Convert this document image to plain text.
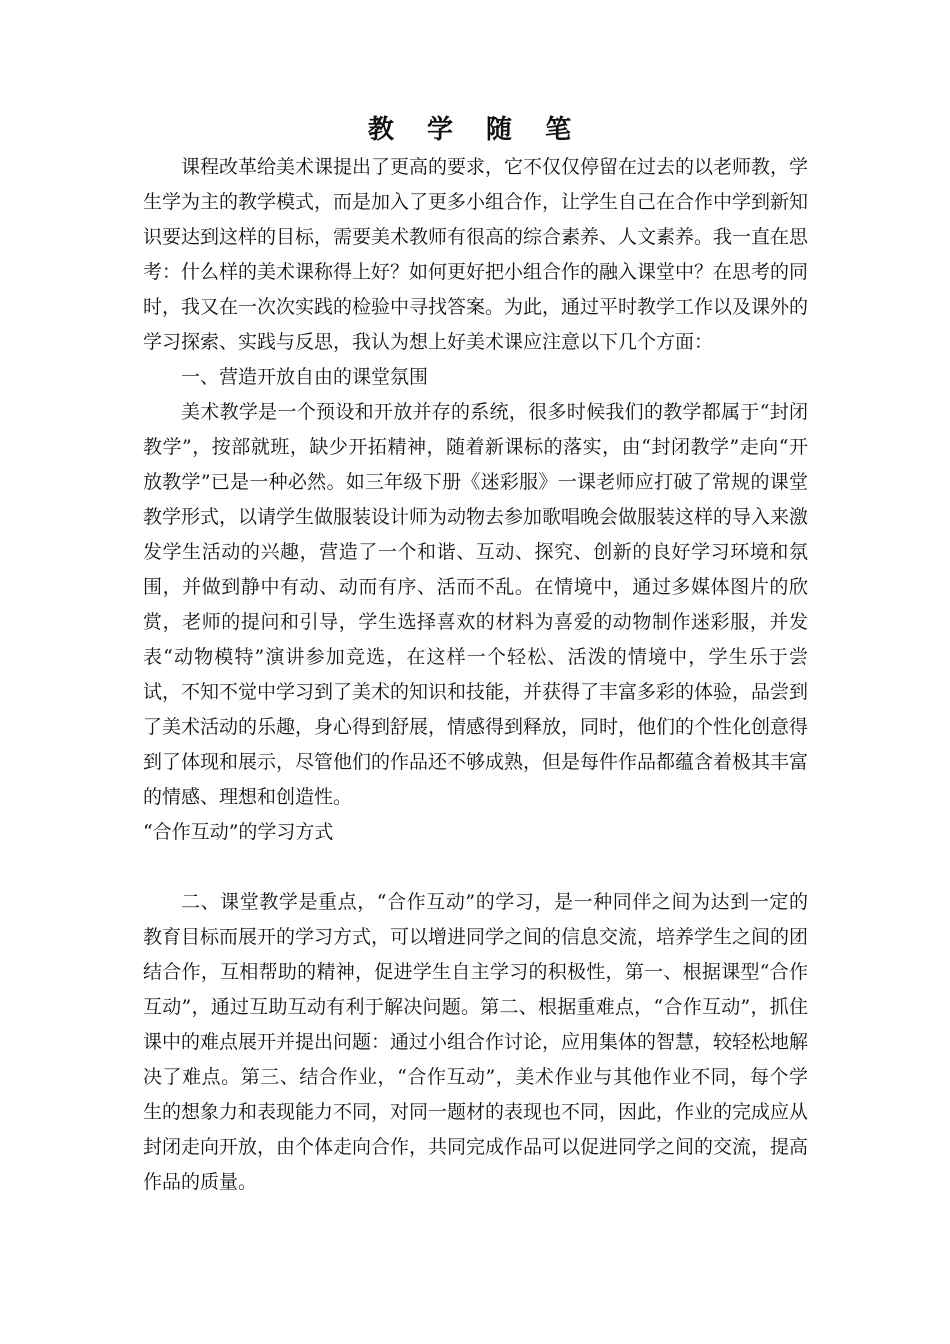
教 学 随 笔

课程改革给美术课提出了更高的要求，它不仅仅停留在过去的以老师教，学生学为主的教学模式，而是加入了更多小组合作，让学生自己在合作中学到新知识要达到这样的目标，需要美术教师有很高的综合素养、人文素养。我一直在思考：什么样的美术课称得上好？如何更好把小组合作的融入课堂中？在思考的同时，我又在一次次实践的检验中寻找答案。为此，通过平时教学工作以及课外的学习探索、实践与反思，我认为想上好美术课应注意以下几个方面：

一、营造开放自由的课堂氛围

美术教学是一个预设和开放并存的系统，很多时候我们的教学都属于“封闭教学”，按部就班，缺少开拓精神，随着新课标的落实，由“封闭教学”走向“开放教学”已是一种必然。如三年级下册《迷彩服》一课老师应打破了常规的课堂教学形式，以请学生做服装设计师为动物去参加歌唱晚会做服装这样的导入来激发学生活动的兴趣，营造了一个和谐、互动、探究、创新的良好学习环境和氛围，并做到静中有动、动而有序、活而不乱。在情境中，通过多媒体图片的欣赏，老师的提问和引导，学生选择喜欢的材料为喜爱的动物制作迷彩服，并发表“动物模特”演讲参加竞选，在这样一个轻松、活泼的情境中，学生乐于尝试，不知不觉中学习到了美术的知识和技能，并获得了丰富多彩的体验，品尝到了美术活动的乐趣，身心得到舒展，情感得到释放，同时，他们的个性化创意得到了体现和展示，尽管他们的作品还不够成熟，但是每件作品都蕴含着极其丰富的情感、理想和创造性。

“合作互动”的学习方式

二、课堂教学是重点，“合作互动”的学习，是一种同伴之间为达到一定的教育目标而展开的学习方式，可以增进同学之间的信息交流，培养学生之间的团结合作，互相帮助的精神，促进学生自主学习的积极性，第一、根据课型“合作互动”，通过互助互动有利于解决问题。第二、根据重难点，“合作互动”，抓住课中的难点展开并提出问题：通过小组合作讨论，应用集体的智慧，较轻松地解决了难点。第三、结合作业，“合作互动”，美术作业与其他作业不同，每个学生的想象力和表现能力不同，对同一题材的表现也不同，因此，作业的完成应从封闭走向开放，由个体走向合作，共同完成作品可以促进同学之间的交流，提高作品的质量。
